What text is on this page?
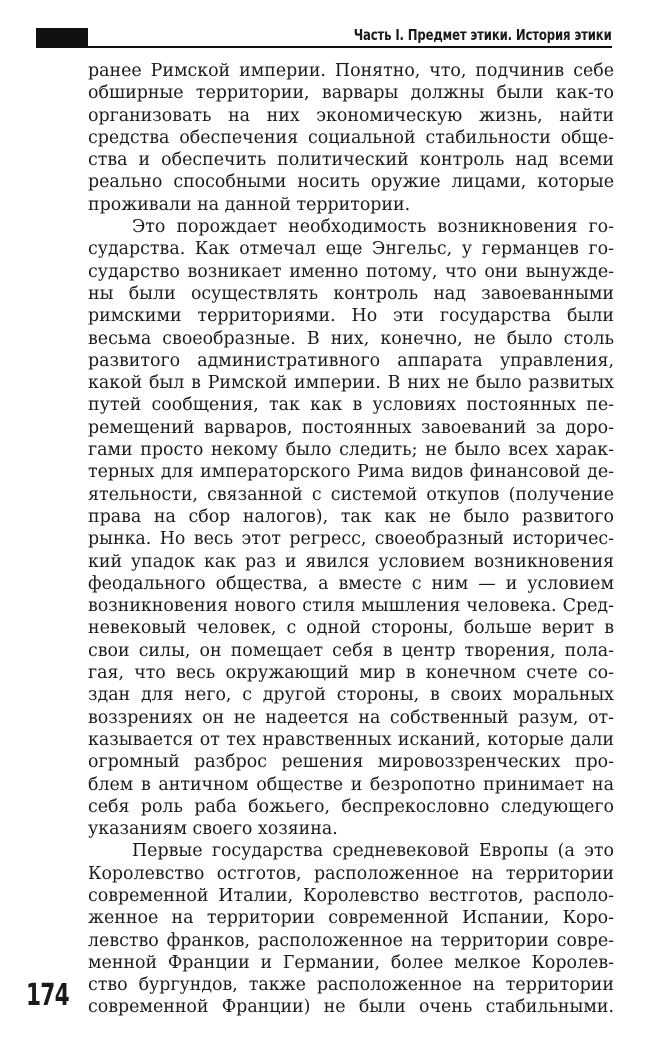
Часть I. Предмет этики. История этики
ранее Римской империи. Понятно, что, подчинив себе
обширные территории, варвары должны были как-то
организовать на них экономическую жизнь, найти
средства обеспечения социальной стабильности обще-
ства и обеспечить политический контроль над всеми
реально способными носить оружие лицами, которые
проживали на данной территории.
Это порождает необходимость возникновения го-
сударства. Как отмечал еще Энгельс, у германцев го-
сударство возникает именно потому, что они вынужде-
ны были осуществлять контроль над завоеванными
римскими территориями. Но эти государства были
весьма своеобразные. В них, конечно, не было столь
развитого административного аппарата управления,
какой был в Римской империи. В них не было развитых
путей сообщения, так как в условиях постоянных пе-
ремещений варваров, постоянных завоеваний за доро-
гами просто некому было следить; не было всех харак-
терных для императорского Рима видов финансовой де-
ятельности, связанной с системой откупов (получение
права на сбор налогов), так как не было развитого
рынка. Но весь этот регресс, своеобразный историчес-
кий упадок как раз и явился условием возникновения
феодального общества, а вместе с ним — и условием
возникновения нового стиля мышления человека. Сред-
невековый человек, с одной стороны, больше верит в
свои силы, он помещает себя в центр творения, пола-
гая, что весь окружающий мир в конечном счете со-
здан для него, с другой стороны, в своих моральных
воззрениях он не надеется на собственный разум, от-
казывается от тех нравственных исканий, которые дали
огромный разброс решения мировоззренческих про-
блем в античном обществе и безропотно принимает на
себя роль раба божьего, беспрекословно следующего
указаниям своего хозяина.
Первые государства средневековой Европы (а это
Королевство остготов, расположенное на территории
современной Италии, Королевство вестготов, располо-
женное на территории современной Испании, Коро-
левство франков, расположенное на территории совре-
менной Франции и Германии, более мелкое Королев-
ство бургундов, также расположенное на территории
современной Франции) не были очень стабильными.
174
